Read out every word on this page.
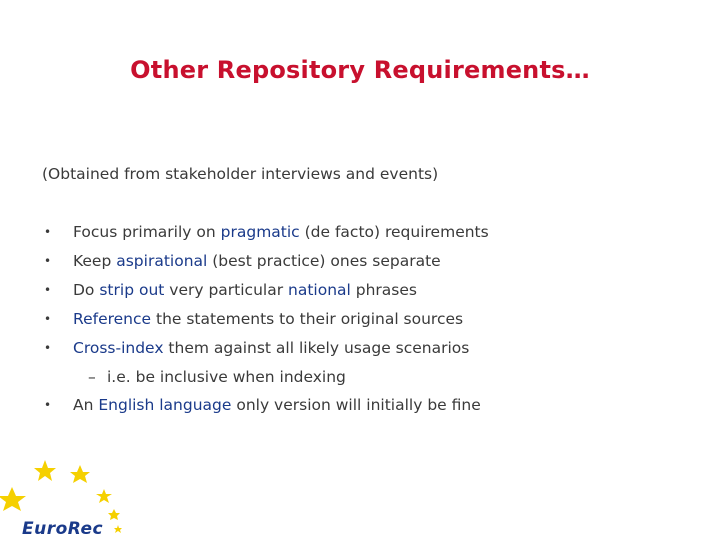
Other Repository Requirements…
(Obtained from stakeholder interviews and events)
•	Focus primarily on pragmatic (de facto) requirements
•	Keep aspirational (best practice) ones separate
•	Do strip out very particular national phrases
•	Reference the statements to their original sources
•	Cross-index them against all likely usage scenarios
– i.e. be inclusive when indexing
•	An English language only version will initially be fine
EuroRec
